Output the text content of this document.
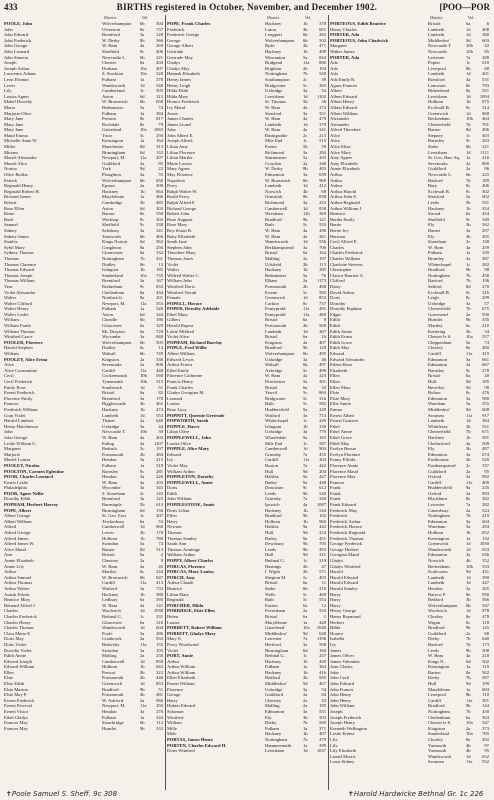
433	BIRTHS registered in October, November, and December 1902.	[POO—POR
District.	Vol.
POOLE, John	Wolverhampton 6b	504
John	Ulverston	8e	737
John Edward	Brentford	3a	128
John Frederick	W. Derby	8b	366
John George	W. Ham	4a	269
John Leonard	Sheffield	9c	406
John Simeon	Newcastle L.	6b	221
Joseph	Chester	8a	404
Joseph Arthur	Durham	10a 407
Lawrence Adams	S. Stockton	10a 520
Leon Eleanor	Fulham	1a	378
Lewis	Wandsworth	1d	540
Lily	Cumberland	1c	505
Louisa Agnes	Aston	6d	315
Mabel Dorothy	W. Bromwich	6b	658
Maria	Bedminster	5a	74
Marjorie Olive	Fulham	1a	384
Mary Jane	Preston	8e	817
Mary Jane	Rochdale	8e	79
Mary Jane	Gateshead	10a 1065
Maud Emma	Truro	5c	294
Michelle Anne W.	Kensington	1a	164
Miller	Manchester	8d	313
Miriam	Birmingham	6d	133
Muriel Alexandra	Newport, M.	11a 207
Muriel Alice	Guildford	2a	85
Norina	York	9d	22
Olive Bertha	Ploughton	2a	55
Patrick	Wolverhampton 6b	650
Reginald Henry	Epsom	2a	308
Reginald Robert H.	Hackney	1b	664
Richard James	Marylebone	1a	466
Robert	Cambridge	3b	485
Rose Ellen	Aston	6d	303
Rosie	Barton	8e	558
Ruth	Worksop	9c	202
Samuel	Sheffield	9c	338
Sidney	Salisbury	3a	341
Sidney James	Tamworth	6b	466
Stanley	Kings Norton	6d	562
Sybil Mary	Congleton	8a	256
Sydney Thomas	Cirencester	6a	332
Thomas	Nottingham	7b	431
Thomas Clarence	Dudley	6b	13
Thomas Edward	Islington	1b	185
Thomas Joseph	Sunderland	10a 735
Thomas William	Brentford	3a	167
Vera	Rotherham	9c	833
Violet Alexandra	Cheltenham	6a	434
Walter	Northwich	8a	201
Walter Clifford	Newport, M.	11a 353
Walter Henry	Fulham	1a	326
Walter Leslie	Aston	6d	344
William	Cheadle	6b	186
William Frank	Gloucester	6a	329
William Thomas	Mt. Drayton	6a	720
Winifred Grace	Wycombe	3a	840
POOLER, Florence	Wolverhampton 6b	505
Harold Stephen	Dudley	6c	14
William	Walsall	6b	749
POOLEY, Alice Erina	Kingston	2a	330
Alice	Sevenoaks	2a	806
Alice Constantine	Cardiff	11a 448
Cecil	Cockermouth	10b 560
Cecil Frederick	Tynemouth	10b 515
Emily Rose	Southwark	1d	51
Ernest Frederick	Bristol	6a	82
Florence Emily	Brentford	3a	170
Frances	Biggleswade	3b	461
Frederick William	Hackney	1b	474
Gran Violet	Lambeth	1d	553
Harold Lambert	Thanet	2a	640
Henry Hutchinson	Uxbridge	3a	44
John	Newcastle T.	10b	30
John George	W. Ham	4a	404
Leslie William G.	Ealing	2a 1107
Margaret	Redruth	5c	197
Marjorie	Portsmouth	2b	484
Muriel Louisa	Hendon	3a	215
POOLEY, Nicolas	Fulham	1a	319
POOLTON, Carmen Eglestine	Barnsley	9c	281
POOR, Charles Leonard	Hendon	3a	220
Ernest Leslie	W. Ham	4a	203
Philadelphia	Wycombe	3a	345
POOR, Agnes Nellie	S. Stoneham	2c	143
Dorothy Edith	Brentford	3a	125
POPHAM, Herbert Harvey	Barnstaple	5b	613
POPE, Albert	Birmingham	6d	156
Albert George	St. Geo. East	1c	207
Albert William	Tewkesbury	6a	53
Alfred	Camberwell	1d	860
Alfred George	Lewes	2b	170
Alfred James	Holborn	1b	780
Alfred James W.	Swindon	5a	74
Alice Maud	Barton	8d	513
Ann	Bristol	6a	2
Annie Elizabeth	Chertsey	2a	9
Annie Lily	W. Ham	4a	45
Arthur	Martley	6c	244
Arthur Samuel	W. Bromwich	6b	847
Arthur Thomas	Cardiff	11a 413
Arthur Walter	Watford	3a	733
Austin Edwin	Hackney	1b	380
Beatrice Mary	Ledbury	6a	593
Bernard Alfred J.	W. Ham	4a	141
Charles	Woolwich	1d 1038
Charles Frederick	Bethnal G.	1c	231
Charles Henry	Gloucester	6a	316
Charles Thomas	Wandsworth	1d	604
Clara Maria E.	Poole	5a	286
Doris May	Cranbrook	2a	933
Doris Violet	Bedwelty	11a 155
Dorothy Violet	Swindon	5a	103
Edith Annie	Malling	2a	230
Edward Joseph	Camberwell	1d	850
Edward William	Holborn	1b	842
Ellen	Prescot	8b	322
Elsie	Portsmouth	2b	446
Elsie Edith	Greenwich	1d	853
Elsie Marion	Bradford	9b	51
Elsie May P.	Portsmouth	2b	481
Ernest Frederick	W. Ashford	2a	960
Ernest Percival	Newport, M.	11a 293
Ernest Victor	Hendon	3a	270
Ethel Gladys	Fulham	1a	344
Frances May	Stourbridge	6b	112
Frances May	Hunslet	9b	333
District.	Vol.
POPE, Frank Charles	Hackney	1b	378
Frederick	Luton	3b	601
Frederick George	Longport	6b	282
George	Wolverhampton 6b	502
George Albert	Ryde	2b	471
Gertrude	Hackney	1b	498
Gertrude May	Wincanton	5a	844
Gladys	Bridgend	11a 880
Gladys May	Brighton	2b	194
Hannah Elizabeth	Nottingham	7b	520
Henry James	Southampton	2c	39
Henry Leigh	Bridgwater	5c	365
Hilda Edith	Uxbridge	3a	54
Hilda Mary	Lewisham	1d 1102
Horace Frederick	St. Thomas	5b	36
Ivy Maud	W. Ham	4a	374
Jessie	Stratford	3a	351
James Charles	W. Ham	4a	479
James Lionel	Lambeth	1d	379
John	W. Ham	4a	341
John Albert E.	Basingstoke	2c	213
Joseph Alfred	Mile End	1c	515
Lilian Amy	Exeter	5b	59
Lilian Florence	Richmond	3a	284
Lilian Martha	Sturminster	5a	205
Marie Louisa	Croydon	2a	340
Mary Agnes	W. Derby	8b	405
May Florence	Edmonton	3a	639
Napoleon	W. Bromwich	6b	969
Percy	Lambeth	1d	412
Ralph Walter W.	Norwich	4b	68
Roald Percy	Ormskirk	8b	838
Ralph Alfred F.	Richmond	3a	253
Richard George	Camberwell	1d	858
Robert John	Wrexham	11b 369
Rose Augusta	Bradford	9b	121
Rose Mary	Bath	5c	533
Roy Stuart B.	W. Ham	4a	206
Ruby Elizabeth	W. Ham	4a	261
Sarah Jane	Wandsworth	1d	556
Stephen John	Berkhampstead 3a	706
Theodore Mary	Bristol	6a	162
Thomas Jones	Malling	2a	197
Violet	Uckfield	2b	113
Walter	Hackney	1b	385
Wilfred Walter C.	Bedminster	5a	76
William John	Elham	2a 1173
Winifred Doris	Portsmouth	2b	468
Winifred Norah	Frome	5c	583
Female	Greenwich	1d	853
POPELL, Horace	Carlton	8c	737
POPER, Dorothy Adelaide	Pontypridd	11a 491
Ethel Mary	Pontypridd	11a 469
Gilbert	Bristol	6a	8
Harold Rupert	Portsmouth	2b	500
Lottie Mildred	Lambeth	1d	367
Violet Alice	Bristol	6a	16
POPHAM, Richard Barclay	Kingston	2a	407
POPLE, Fred Willie	Bradford	9b	120
Albert William	Wolverhampton 6b	495
Edward Lewis	Uxbridge	3a	46
Arthur Ernest	Walsall	6b	497
Ethel Emily	Axbridge	5c	496
Florence Catherine	W. Ham	4a	223
Francis Henry	Dorchester	5a	301
Frank Charles	Bristol	6a	33
Gladys Georgina M.	Yeovil	5c	863
Leonard	Bridgwater	5c	316
Louisa	Bath	5c	582
Rose Lucy	Huddersfield	9a	249
POPPITT, Queenie Gertrude	Watford	3a	713
POPWORTH, Sarah	Whitechapel	1c	249
POPPLE, Harry	Islington	1b	330
Lilian Olive	Uxbridge	3a	770
POPPLEWELL, John	Wharfedale	9a	165
Louisa Olive	Mile End	1c	587
POPPLE, Alice Mary	Camberwell	1d	904
Edward	Grimsby	7a	455
Ivy	Cardiff	11a 304
Violet May	Boston	7a	442
William Arthur	Hull	9d	204
POPPLETON, Dorothy	Halifax	9a	447
POPPLEWELL, Annie	Batley	9a	440
Doris	Doncaster	9c	612
Edith	Leeds	9b	540
John William	Grimsby	7a	340
POPPLESTONE, Annie	Ipswich	4a 1087
Doris Lilian	Hackney	1b	544
Ellen	Bradford	9b	102
Harry	Holborn	1b	960
Newton	Halifax	9a	442
Thomas	Hull	9d	233
Thomas Stanley	Batley	9a	451
Sarah Ann	Dewsbury	9b	705
Thomas Armitage	Leeds	9b	493
William Arthur	Hull	9d	221
POPPY, Albert Charles	Bethnal G.	1c	219
PORCAS, Florence	Hastings	2b	47
PORCAS, Mary Louisa	I. Wight	2b	571
PORCH, Amy	Shepton M.	5c	403
Arthur Claude	Bristol	6a	11
Beatrice	Stoke	6b	210
Lilian Mary	Wells	5c	469
Reginald	Bath	5c	553
PORCHER, Hilda	Easton	6a	12
PORRIDGE, Elsie Ellen	Faversham	2a	533
Helen	Bristol	6a	1
Louise	Marylebone	1a	428
PORRETT, Robert William	Gateshead	10a 1040
PORRITT, Gladys Mary	Middlesbro'	9d	628
Mary E.	Leicester	7a 1196
Percy Woodward	Hertford	3a	500
Violet	Birmingham	6d	160
PORT, Annie	Bethnal G.	1c	257
Arthur	Hackney	1b	430
Arthur William	Fulham	1a	362
Arthur William	Hackney	1b	416
Ellen Elizabeth	Bedford	3b	945
Ernest William	Middlesbro'	9d	467
Florence	Uxbridge	3a	54
George	Guildford	2a	84
Harry	Chertsey	2a	33
Hubert Edward	Malling	2a	195
Solomon	Edmonton	3a	551
Winifred	Ely	3b	503
William	Derby	7b	569
Mille	Fulham	1a	371
Male	Hackney	1b	407
PORTAS, James Henry	Nottingham	7b	479
PORTEN, Charles Edward H.	Hammersmith	1a	399
Doris Winifred	Lewisham	1d 1037
District.	Vol.
PORTEOUS, Edith Beatrice	Bristol	6a	6
Henry Charles	Lambeth	1d	408
PORTER, Ada	Lambeth	1d	360
PORTEOUS, John Chadwick	Middlesbro'	9d	603
Margaret	Newcastle T.	10b	42
Walter James	Newcastle	10b	85
PORTER, Ada	Leicester	7a	288
Ada	Poplar	1c	610
Ada	Liverpool	8b	68
Ada	Lambeth	1d	401
Ada Emily R.	Romford	4a	531
Agnes Frances	Lancaster	8e	793
Albert	Birkenhead	8a	551
Albert Edward	Lewisham	1d 1094
Albert Henry	Holborn	1b	875
Albert Edward	Ecclesall B.	9c	314
Albert William	Greenwich	1d	868
Alexander	Beckenham	10b 464
Alexander	Chesterfield	7b	701
Alfred Theodore	Barton	8d	496
Alice	Stepney	1c	403
Alice	Barnsley	9c	263
Alice Eliza	Stoke	6b	221
Alice Mary	Lewisham	1d 1111
Amy Agnes	St. Geo. Han. Sq. 1a	416
Amy Elizabeth	Sevenoaks	2a	800
Annie Elizabeth	Guildford	2a	86
Arthur	Newcastle L.	6b	225
Arthur	Basford	7b	189
Arthur	Bury	8c	406
Arthur Harold	Ecclesall B.	9c	302
Arthur John S.	Stratford	5a	602
Arthur Reginald	Leeds	9b	551
Arthur William J.	Hackney	1b	354
Beatrice	Stroud	6a	454
Bertha Emily	Sheffield	9c	349
Bertie	Ely	3b	562
Bertie Ivy	Barnet	3a	297
Bertram	Ely	3b	495
Cecil Alfred E.	Stoneham	2c	138
Charles	W. Ham	4a	259
Charles Frederick	Fulham	1a	339
Charles William	Bromley	2a	387
Charlotte Stevens	Whitechapel	1c	282
Christopher	Bradford	9b	98
Clarice Harriett A.	Nottingham	7b	458
Clifford	Basford	7b	196
Daisy	Salford	8d	270
David Arthur	Ecclesall B.	9c	316
Doris	Leigh	8c	299
Dorothy	Uxbridge	3a	57
Dorothy Euphine	Chesterfield	7b	675
Edgar	Gravesend	2a	930
Edith	Hunslet	9b	335
Edith	Martley	6c	210
Edith Annie	Kettering	3b	34
Edith Evans	Chester le S.	10a 557
Edith Grace	Chippenham	5a	74
Edith May	Chorley	8e	480
Edward	Cardiff	11a 419
Edward Alexander	Edmonton	3a	661
Eileen Rose	Edmonton	3a	667
Elizabeth	Barnsley	9c	270
Ellen	Bristol	6a	20
Ellen	Hull	9d	185
Ellen Mary	Beverley	9d	98
Elsie	Bolton	8c	476
Elsie Mary	Edmonton	3a	580
Ellie Annie	Wareham	5a	355
Emma	Middlesbro'	9d	608
Ernest Albert	Swansea	11a 917
Ernest Gustave	Lambeth	1d	384
Ethel	Whittlesey	3b	551
Ethel Annie	Chesterfield	7b	671
Ethel Grace	Hackney	1b	391
Ethel May	Chelmsford	4a	509
Evelyn Bessie	Ely	3b	487
Evelyn Florence	Edmonton	3a	674
Fanny Elfrida	Eastbourne	2b	520
Florence Annie	Easthampstead 2c	337
Florence Maud	Guildford	2a	95
Florence May	Oxford	3a	992
Frances	Cardiff	11a 400
Frank	Huddersfield	9a	235
Frank	Oxford	3a	993
Frank	Blackburn	8e	382
Frank Edward	Leicester	7a	282
Frederick May	Canterbury	2a	524
Frederick	Nottingham	7b	419
Frederick Arthur	Edmonton	3a	604
Frederick Horace	Wareham	5a	294
Frederick Reginald	Holborn	1b	852
Frederick Thomas	Kensington	1a	132
George Frederick	Greenwich	1d 1030
George Herbert	Wandsworth	1d	653
Georgina Maud	Edmonton	3a	636
Gladys	Norwich	4b	152
Gladys Winifred	Beckenham	10b 533
Harold	Sculcoates	9d	431
Harold Edward	Lambeth	1d	390
Harold Edward	Lambeth	1d	447
Harold Stanley	Hendon	3a	205
Harry	Barrow F.	8e	950
Harry	Bedford	3b	566
Harry	Wolverhampton 6b	547
Henry George	Woolwich	1d	978
Henry Raymond	Chorley	8e	479
Herbert	Wigan	8c	118
Hilda	Bradford	9b	145
Horace	Guildford	2a	68
Isabella	Derby	7b	640
Ivy	Basford	7b	173
James	Leeds	9b	508
James Oliver	W. Ham	4a	218
James Valentine	Kings N.	6d	502
Joan Gladys	Kensington	1a	119
John	Barton	8e	502
John Cyril	Derby	7b	587
John Edward	Hull	9d	199
John Francis	Marylebone	1a	604
John Henry	Liverpool	8b	110
John Henry	Cardiff	11a 391
John William	Bradford	9b	144
Joseph	Nottingham	7b	450
Joseph Frederick	Cheltenham	6a	363
Joseph Henry	Chester le S.	10a 547
Kenneth Wellington	Kingston	2a	373
Leslie Ernest	Sunderland	10a 705
Lily	Chorley	8e	492
Lily	Yarmouth	4b	97
Lily Elizabeth	Yarmouth	4b	95
Lionel Morris	Wandsworth	1d	632
Louis Sidney	Swansea	11a 932
✝Poole Samuel S. Sheff. 9c 308	✝Harold Hardwicke Bethnal Gr. 1c 226
